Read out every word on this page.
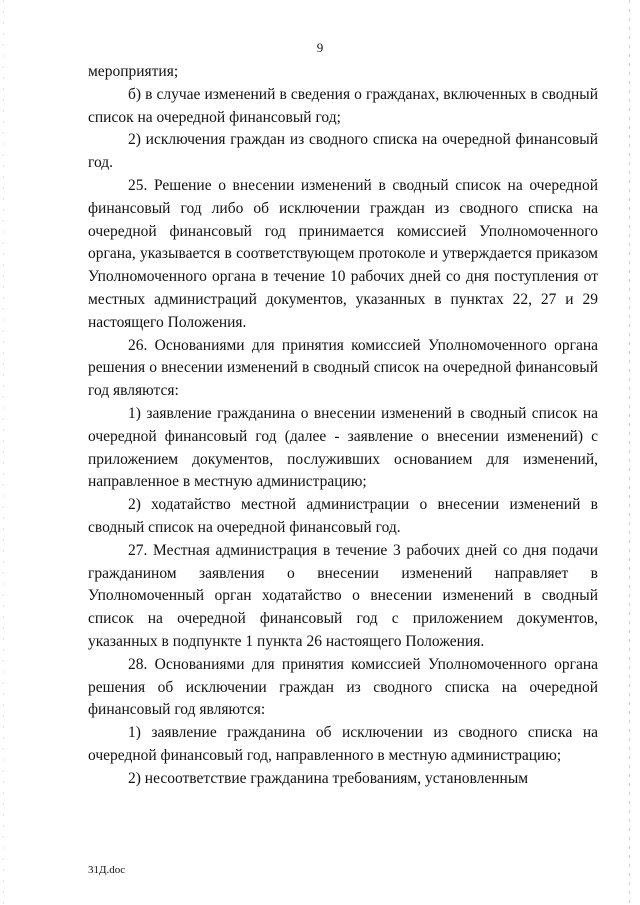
9

мероприятия;

б) в случае изменений в сведения о гражданах, включенных в сводный список на очередной финансовый год;

2) исключения граждан из сводного списка на очередной финансовый год.

25. Решение о внесении изменений в сводный список на очередной финансовый год либо об исключении граждан из сводного списка на очередной финансовый год принимается комиссией Уполномоченного органа, указывается в соответствующем протоколе и утверждается приказом Уполномоченного органа в течение 10 рабочих дней со дня поступления от местных администраций документов, указанных в пунктах 22, 27 и 29 настоящего Положения.

26. Основаниями для принятия комиссией Уполномоченного органа решения о внесении изменений в сводный список на очередной финансовый год являются:

1) заявление гражданина о внесении изменений в сводный список на очередной финансовый год (далее - заявление о внесении изменений) с приложением документов, послуживших основанием для изменений, направленное в местную администрацию;

2) ходатайство местной администрации о внесении изменений в сводный список на очередной финансовый год.

27. Местная администрация в течение 3 рабочих дней со дня подачи гражданином заявления о внесении изменений направляет в Уполномоченный орган ходатайство о внесении изменений в сводный список на очередной финансовый год с приложением документов, указанных в подпункте 1 пункта 26 настоящего Положения.

28. Основаниями для принятия комиссией Уполномоченного органа решения об исключении граждан из сводного списка на очередной финансовый год являются:

1) заявление гражданина об исключении из сводного списка на очередной финансовый год, направленного в местную администрацию;

2) несоответствие гражданина требованиям, установленным

31Д.doc
